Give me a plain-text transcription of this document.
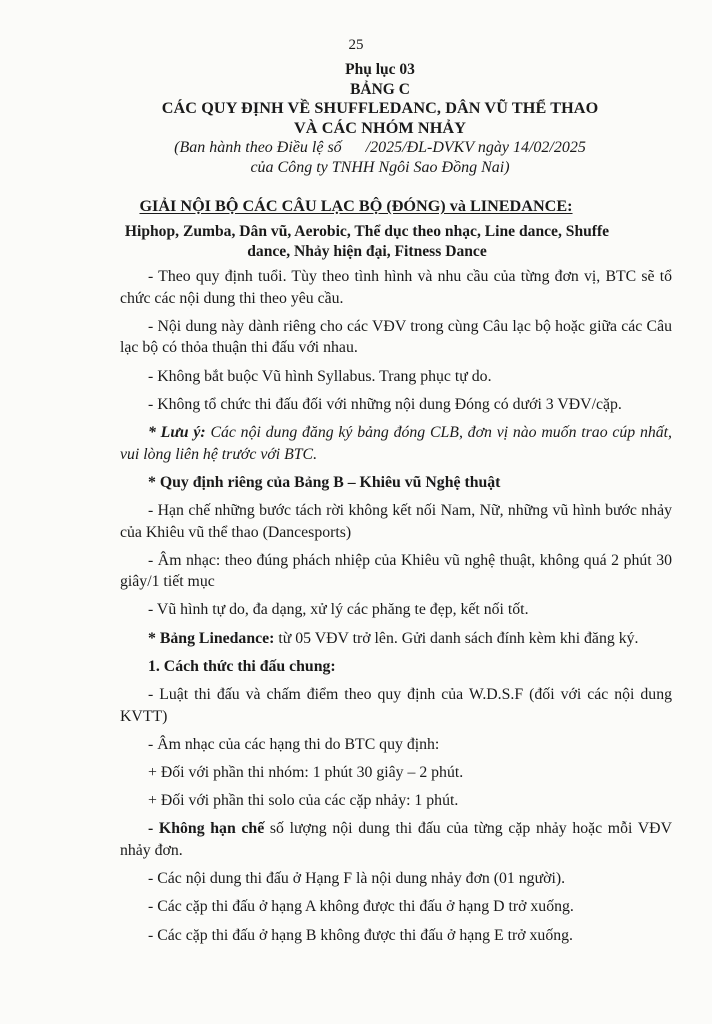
25
Phụ lục 03
BẢNG C
CÁC QUY ĐỊNH VỀ SHUFFLEDANC, DÂN VŨ THỂ THAO
VÀ CÁC NHÓM NHẢY
(Ban hành theo Điều lệ số      /2025/ĐL-DVKV ngày 14/02/2025
của Công ty TNHH Ngôi Sao Đồng Nai)
GIẢI NỘI BỘ CÁC CÂU LẠC BỘ (ĐÓNG) và LINEDANCE:
Hiphop, Zumba, Dân vũ, Aerobic, Thể dục theo nhạc, Line dance, Shuffe dance, Nhảy hiện đại, Fitness Dance

- Theo quy định tuổi. Tùy theo tình hình và nhu cầu của từng đơn vị, BTC sẽ tổ chức các nội dung thi theo yêu cầu.

- Nội dung này dành riêng cho các VĐV trong cùng Câu lạc bộ hoặc giữa các Câu lạc bộ có thỏa thuận thi đấu với nhau.

- Không bắt buộc Vũ hình Syllabus. Trang phục tự do.

- Không tổ chức thi đấu đối với những nội dung Đóng có dưới 3 VĐV/cặp.

* Lưu ý: Các nội dung đăng ký bảng đóng CLB, đơn vị nào muốn trao cúp nhất, vui lòng liên hệ trước với BTC.

* Quy định riêng của Bảng B – Khiêu vũ Nghệ thuật

- Hạn chế những bước tách rời không kết nối Nam, Nữ, những vũ hình bước nhảy của Khiêu vũ thể thao (Dancesports)

- Âm nhạc: theo đúng phách nhiệp của Khiêu vũ nghệ thuật, không quá 2 phút 30 giây/1 tiết mục

- Vũ hình tự do, đa dạng, xử lý các phăng te đẹp, kết nối tốt.

* Bảng Linedance: từ 05 VĐV trở lên. Gửi danh sách đính kèm khi đăng ký.

1. Cách thức thi đấu chung:

- Luật thi đấu và chấm điểm theo quy định của W.D.S.F (đối với các nội dung KVTT)

- Âm nhạc của các hạng thi do BTC quy định:

+ Đối với phần thi nhóm: 1 phút 30 giây – 2 phút.

+ Đối với phần thi solo của các cặp nhảy: 1 phút.

- Không hạn chế số lượng nội dung thi đấu của từng cặp nhảy hoặc mỗi VĐV nhảy đơn.

- Các nội dung thi đấu ở Hạng F là nội dung nhảy đơn (01 người).

- Các cặp thi đấu ở hạng A không được thi đấu ở hạng D trở xuống.

- Các cặp thi đấu ở hạng B không được thi đấu ở hạng E trở xuống.
